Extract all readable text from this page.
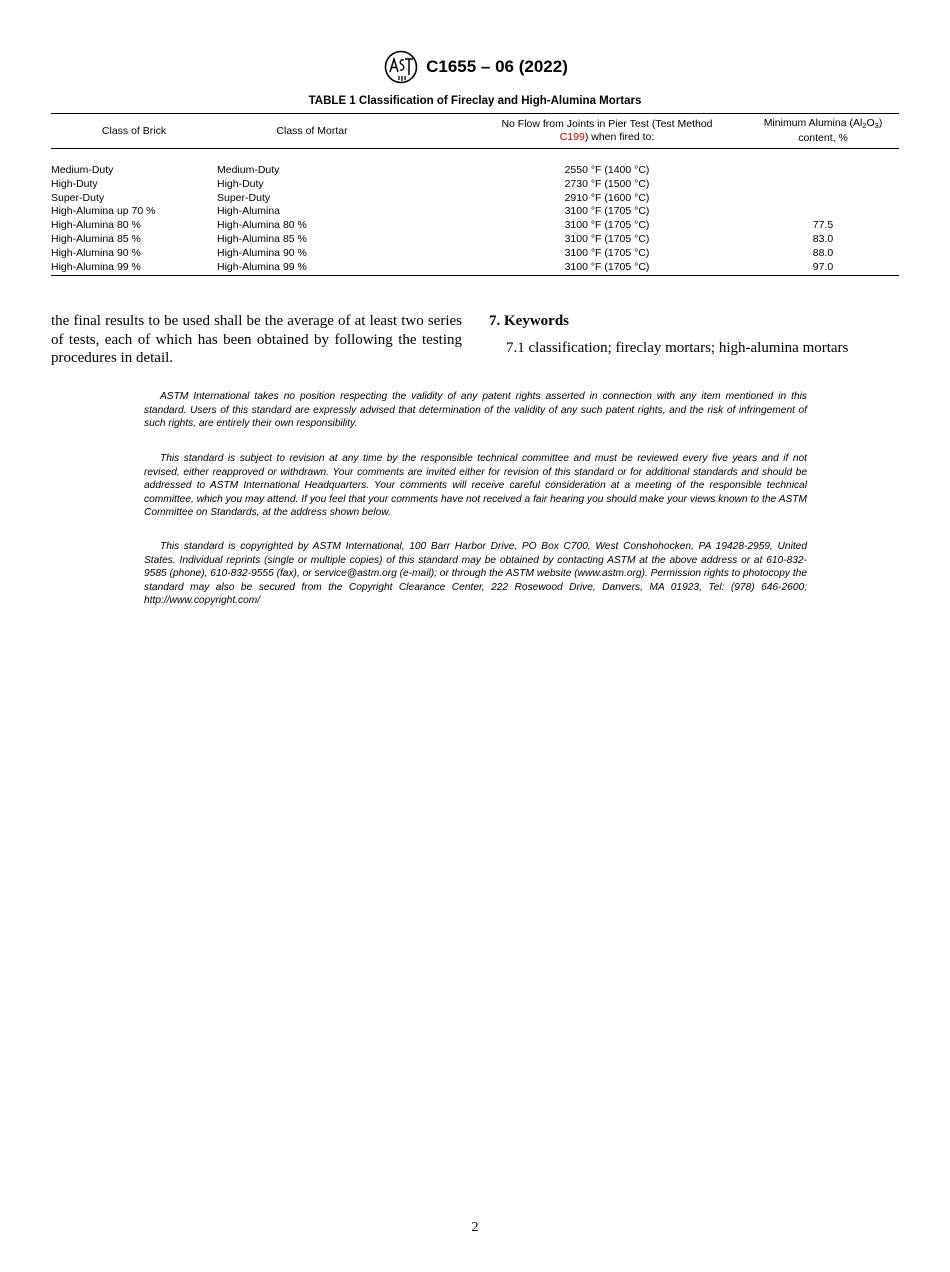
C1655 – 06 (2022)
TABLE 1 Classification of Fireclay and High-Alumina Mortars
Class of Brick	Class of Mortar	No Flow from Joints in Pier Test (Test Method
C199) when fired to:	Minimum Alumina $(Al_2O_3)$ content, %

Medium-Duty	Medium-Duty	2550 °F (1400 °C)	
High-Duty	High-Duty	2730 °F (1500 °C)	
Super-Duty	Super-Duty	2910 °F (1600 °C)	
High-Alumina up 70 %	High-Alumina	3100 °F (1705 °C)	
High-Alumina 80 %	High-Alumina 80 %	3100 °F (1705 °C)	77.5
High-Alumina 85 %	High-Alumina 85 %	3100 °F (1705 °C)	83.0
High-Alumina 90 %	High-Alumina 90 %	3100 °F (1705 °C)	88.0
High-Alumina 99 %	High-Alumina 99 %	3100 °F (1705 °C)	97.0
the final results to be used shall be the average of at least two series of tests, each of which has been obtained by following the testing procedures in detail.

7. Keywords

7.1 classification; fireclay mortars; high-alumina mortars

ASTM International takes no position respecting the validity of any patent rights asserted in connection with any item mentioned in this standard. Users of this standard are expressly advised that determination of the validity of any such patent rights, and the risk of infringement of such rights, are entirely their own responsibility.
This standard is subject to revision at any time by the responsible technical committee and must be reviewed every five years and if not revised, either reapproved or withdrawn. Your comments are invited either for revision of this standard or for additional standards and should be addressed to ASTM International Headquarters. Your comments will receive careful consideration at a meeting of the responsible technical committee, which you may attend. If you feel that your comments have not received a fair hearing you should make your views known to the ASTM Committee on Standards, at the address shown below.
This standard is copyrighted by ASTM International, 100 Barr Harbor Drive, PO Box C700, West Conshohocken, PA 19428-2959, United States. Individual reprints (single or multiple copies) of this standard may be obtained by contacting ASTM at the above address or at 610-832-9585 (phone), 610-832-9555 (fax), or service@astm.org (e-mail); or through the ASTM website (www.astm.org). Permission rights to photocopy the standard may also be secured from the Copyright Clearance Center, 222 Rosewood Drive, Danvers, MA 01923, Tel: (978) 646-2600; http://www.copyright.com/
2
